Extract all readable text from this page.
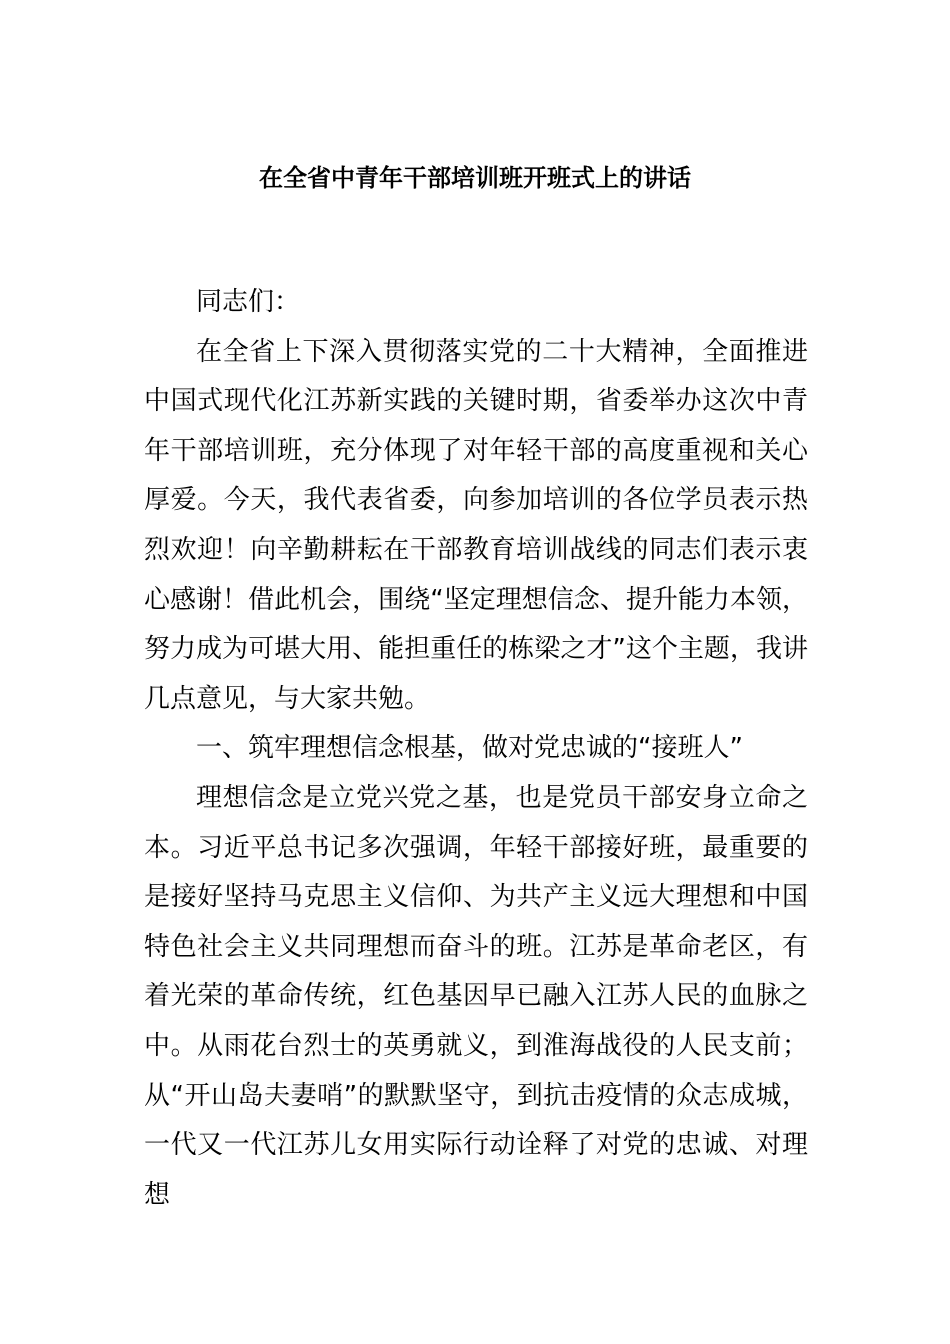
在全省中青年干部培训班开班式上的讲话

同志们：

在全省上下深入贯彻落实党的二十大精神，全面推进中国式现代化江苏新实践的关键时期，省委举办这次中青年干部培训班，充分体现了对年轻干部的高度重视和关心厚爱。今天，我代表省委，向参加培训的各位学员表示热烈欢迎！向辛勤耕耘在干部教育培训战线的同志们表示衷心感谢！借此机会，围绕“坚定理想信念、提升能力本领，努力成为可堪大用、能担重任的栋梁之才”这个主题，我讲几点意见，与大家共勉。

一、筑牢理想信念根基，做对党忠诚的“接班人”

理想信念是立党兴党之基，也是党员干部安身立命之本。习近平总书记多次强调，年轻干部接好班，最重要的是接好坚持马克思主义信仰、为共产主义远大理想和中国特色社会主义共同理想而奋斗的班。江苏是革命老区，有着光荣的革命传统，红色基因早已融入江苏人民的血脉之中。从雨花台烈士的英勇就义，到淮海战役的人民支前；从“开山岛夫妻哨”的默默坚守，到抗击疫情的众志成城，一代又一代江苏儿女用实际行动诠释了对党的忠诚、对理想
